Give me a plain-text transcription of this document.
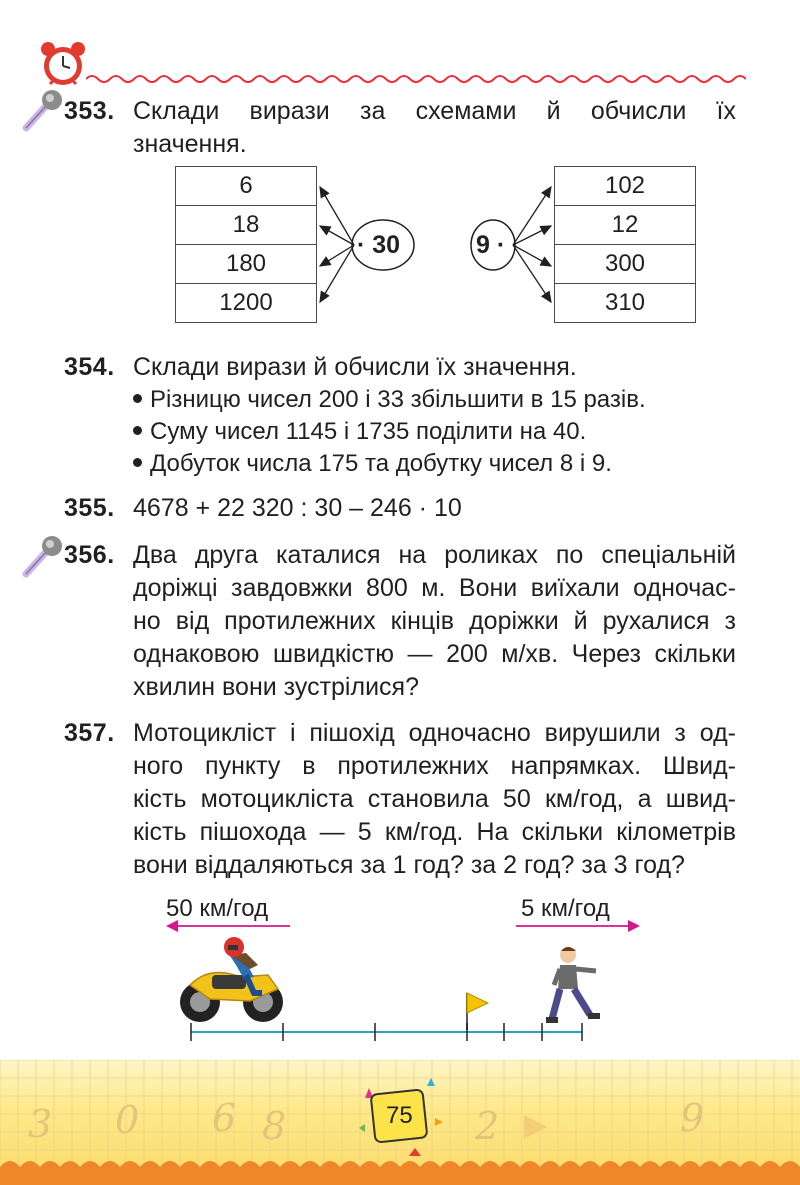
353. Склади вирази за схемами й обчисли їх
значення.
6
18
180
1200
102
12
300
310
· 30	9 ·
354. Склади вирази й обчисли їх значення.
Різницю чисел 200 і 33 збільшити в 15 разів.
Суму чисел 1145 і 1735 поділити на 40.
Добуток числа 175 та добутку чисел 8 і 9.
355. 4678 + 22 320 : 30 – 246 · 10
356. Два друга каталися на роликах по спеціальній
доріжці завдовжки 800 м. Вони виїхали одночас-
но від протилежних кінців доріжки й рухалися з
однаковою швидкістю — 200 м/хв. Через скільки
хвилин вони зустрілися?
357. Мотоцикліст і пішохід одночасно вирушили з од-
ного пункту в протилежних напрямках. Швид-
кість мотоцикліста становила 50 км/год, а швид-
кість пішохода — 5 км/год. На скільки кілометрів
вони віддаляються за 1 год? за 2 год? за 3 год?
50 км/год	5 км/год
3 0 6 8	2	9
75
